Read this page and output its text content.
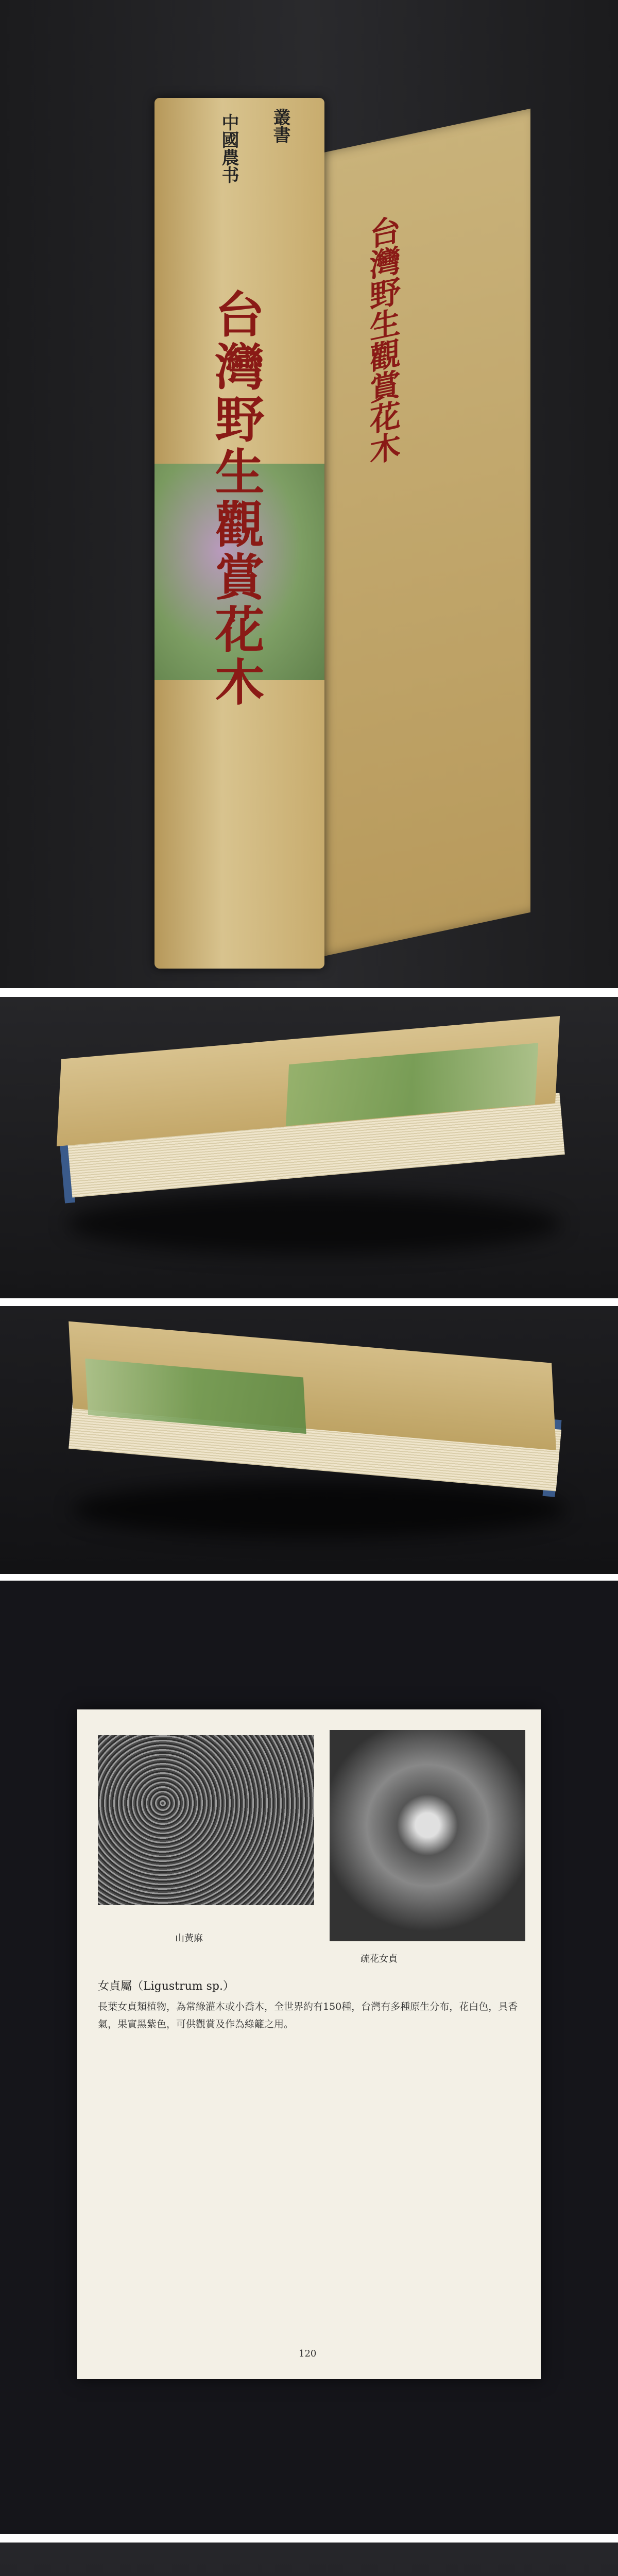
中國農书 叢書
台灣野生觀賞花木	台灣野生觀賞花木
山黃麻
疏花女貞
女貞屬（Ligustrum sp.）
長葉女貞類植物，為常綠灌木或小喬木，全世界約有150種，台灣有多種原生分布，花白色，具香氣，果實黑紫色，可供觀賞及作為綠籬之用。
120
